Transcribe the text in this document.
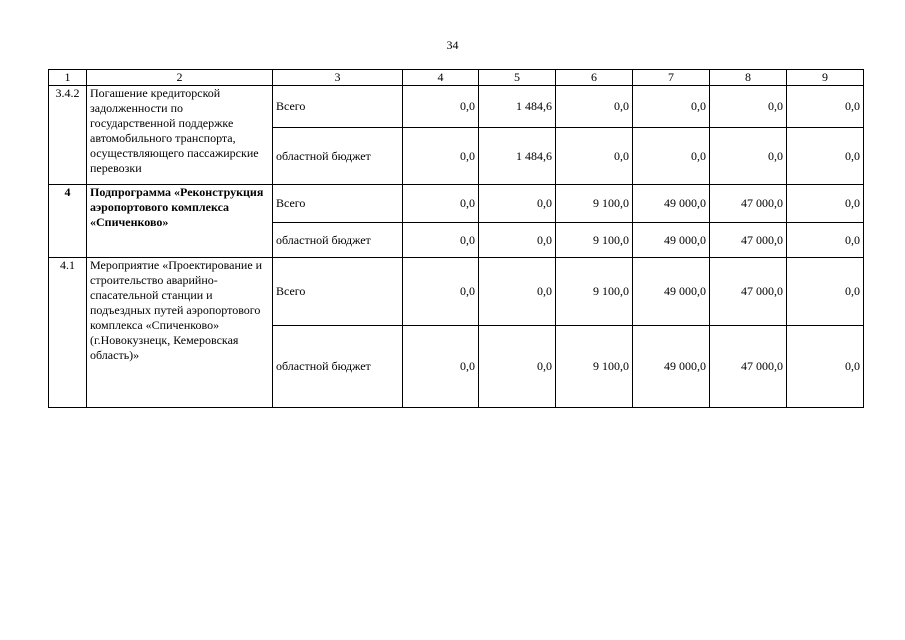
34
1	2	3	4	5	6	7	8	9
3.4.2	Погашение кредиторской задолженности по государственной поддержке автомобильного транспорта, осуществляющего пассажирские перевозки	Всего	0,0	1 484,6	0,0	0,0	0,0	0,0
		областной бюджет	0,0	1 484,6	0,0	0,0	0,0	0,0
4	Подпрограмма «Реконструкция аэропортового комплекса «Спиченково»	Всего	0,0	0,0	9 100,0	49 000,0	47 000,0	0,0
		областной бюджет	0,0	0,0	9 100,0	49 000,0	47 000,0	0,0
4.1	Мероприятие «Проектирование и строительство аварийно-спасательной станции и подъездных путей аэропортового комплекса «Спиченково» (г.Новокузнецк, Кемеровская область)»	Всего	0,0	0,0	9 100,0	49 000,0	47 000,0	0,0
		областной бюджет	0,0	0,0	9 100,0	49 000,0	47 000,0	0,0
